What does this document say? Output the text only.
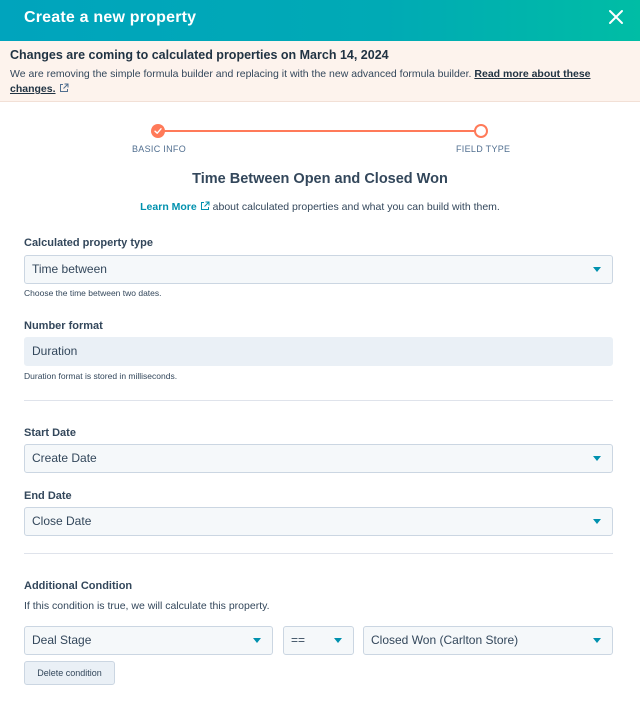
Create a new property
Changes are coming to calculated properties on March 14, 2024
We are removing the simple formula builder and replacing it with the new advanced formula builder. Read more about these changes.
BASIC INFO	FIELD TYPE
Time Between Open and Closed Won
Learn More about calculated properties and what you can build with them.
Calculated property type
Time between
Choose the time between two dates.
Number format
Duration
Duration format is stored in milliseconds.
Start Date
Create Date
End Date
Close Date
Additional Condition
If this condition is true, we will calculate this property.
Deal Stage	==	Closed Won (Carlton Store)
Delete condition
